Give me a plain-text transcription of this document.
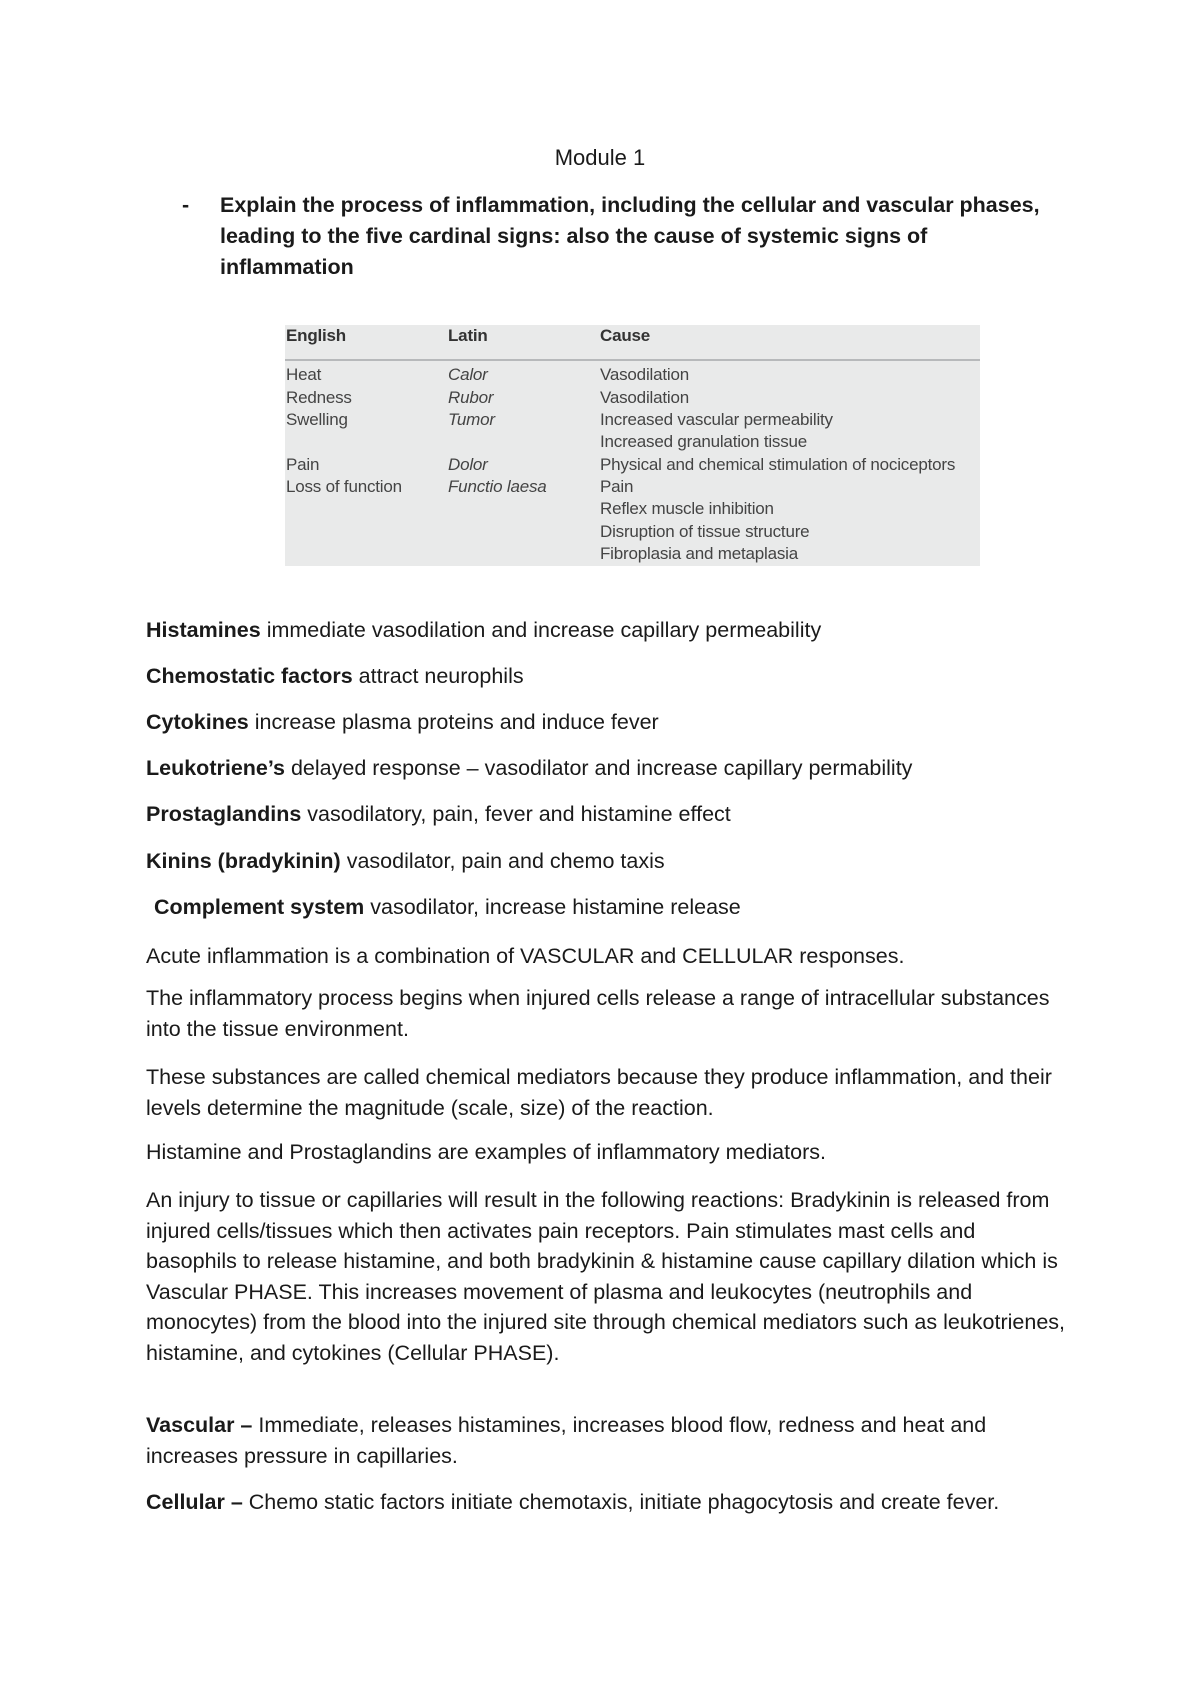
Module 1
- Explain the process of inflammation, including the cellular and vascular phases, leading to the five cardinal signs: also the cause of systemic signs of inflammation
English	Latin	Cause
Heat	Calor	Vasodilation
Redness	Rubor	Vasodilation
Swelling	Tumor	Increased vascular permeability
Increased granulation tissue
Pain	Dolor	Physical and chemical stimulation of nociceptors
Loss of function	Functio laesa	Pain
Reflex muscle inhibition
Disruption of tissue structure
Fibroplasia and metaplasia
Histamines immediate vasodilation and increase capillary permeability
Chemostatic factors attract neurophils
Cytokines increase plasma proteins and induce fever
Leukotriene’s delayed response – vasodilator and increase capillary permability
Prostaglandins vasodilatory, pain, fever and histamine effect
Kinins (bradykinin) vasodilator, pain and chemo taxis
Complement system vasodilator, increase histamine release
Acute inflammation is a combination of VASCULAR and CELLULAR responses.
The inflammatory process begins when injured cells release a range of intracellular substances into the tissue environment.
These substances are called chemical mediators because they produce inflammation, and their levels determine the magnitude (scale, size) of the reaction.
Histamine and Prostaglandins are examples of inflammatory mediators.
An injury to tissue or capillaries will result in the following reactions: Bradykinin is released from injured cells/tissues which then activates pain receptors. Pain stimulates mast cells and basophils to release histamine, and both bradykinin & histamine cause capillary dilation which is Vascular PHASE. This increases movement of plasma and leukocytes (neutrophils and monocytes) from the blood into the injured site through chemical mediators such as leukotrienes, histamine, and cytokines (Cellular PHASE).
Vascular – Immediate, releases histamines, increases blood flow, redness and heat and increases pressure in capillaries.
Cellular – Chemo static factors initiate chemotaxis, initiate phagocytosis and create fever.
